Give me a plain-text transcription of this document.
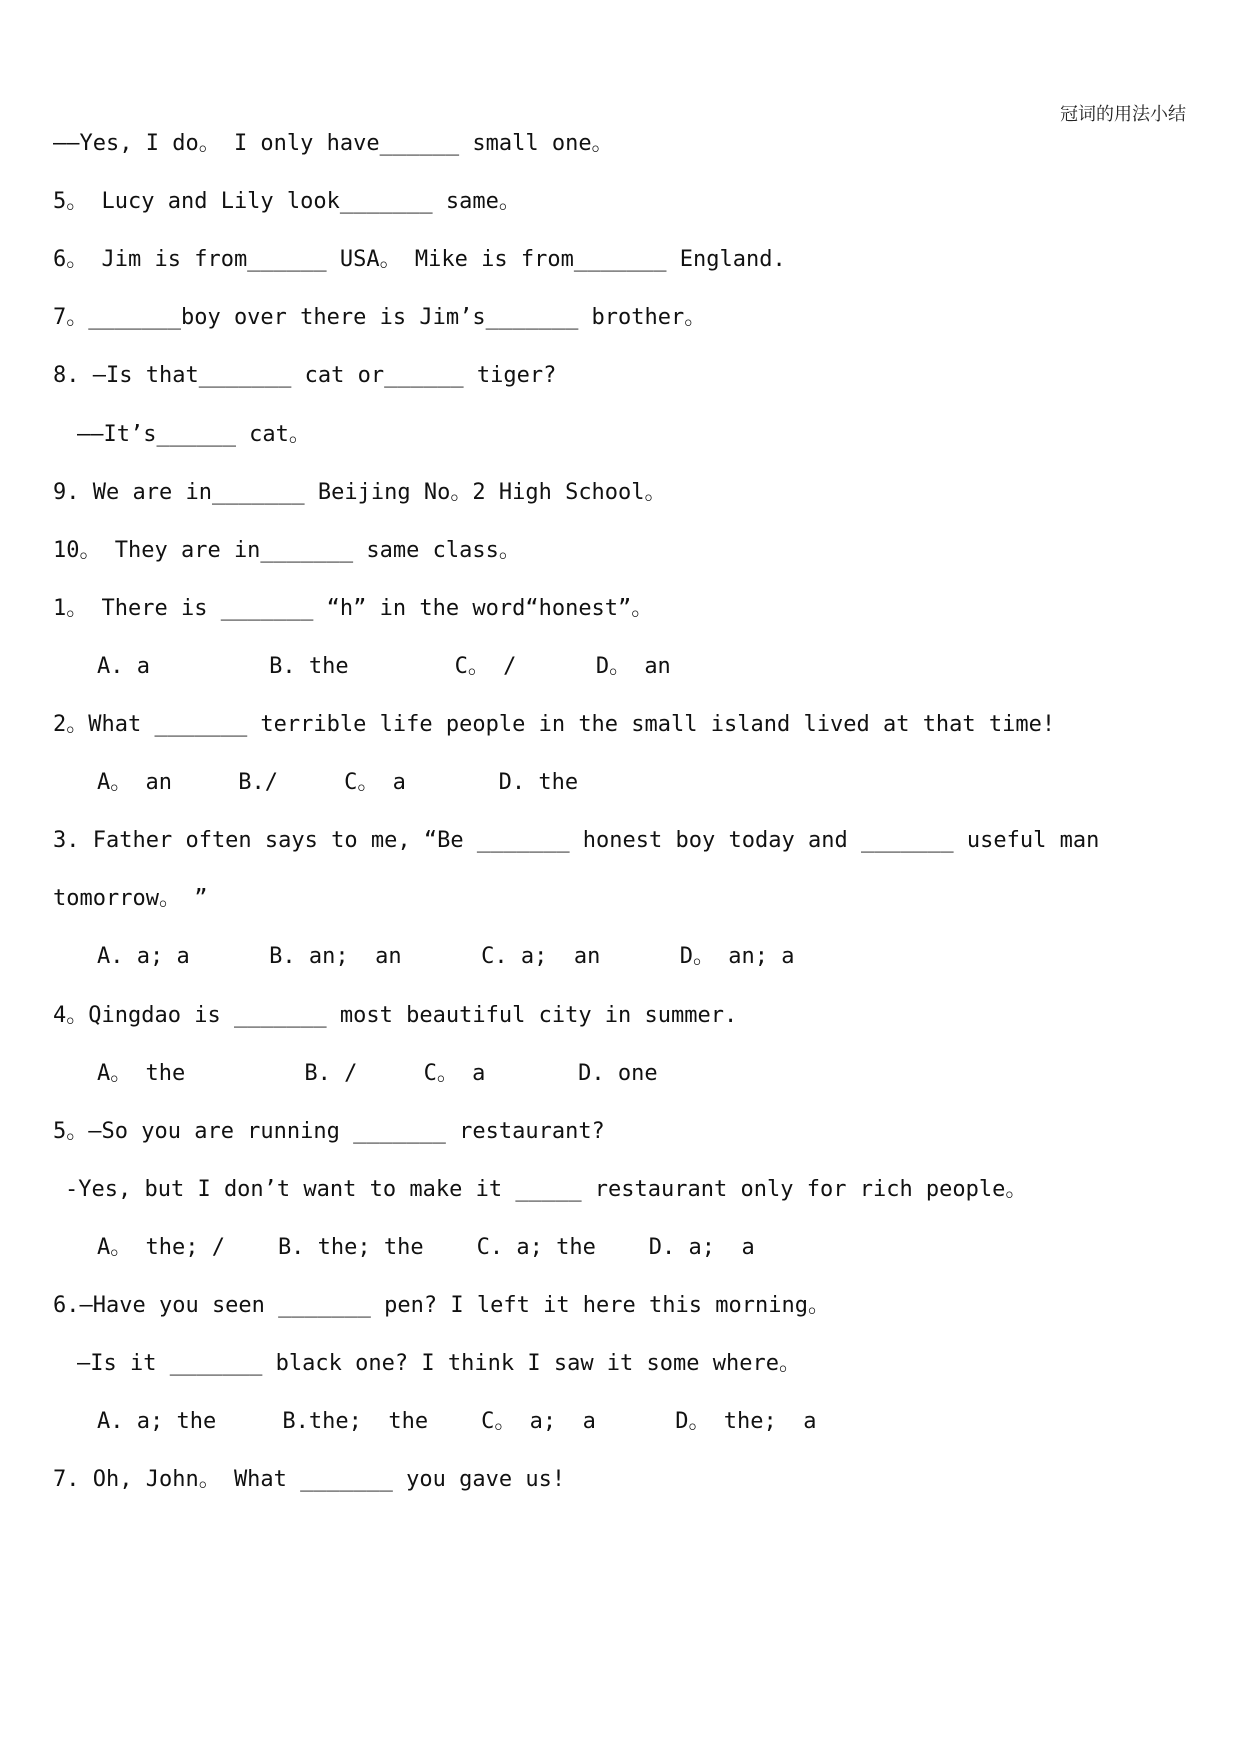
冠词的用法小结
——Yes, I do。 I only have______ small one。
5。 Lucy and Lily look_______ same。
6。 Jim is from______ USA。 Mike is from_______ England.
7。_______boy over there is Jim’s_______ brother。
8. —Is that_______ cat or______ tiger?
——It’s______ cat。
9. We are in_______ Beijing No。2 High School。
10。 They are in_______ same class。
1。 There is _______ “h” in the word“honest”。
A. a         B. the        C。 /      D。 an
2。What _______ terrible life people in the small island lived at that time!
A。 an     B./     C。 a       D. the
3. Father often says to me, “Be _______ honest boy today and _______ useful man
tomorrow。 ”
A. a; a      B. an;  an      C. a;  an      D。 an; a
4。Qingdao is _______ most beautiful city in summer.
A。 the         B. /     C。 a       D. one
5。—So you are running _______ restaurant?
-Yes, but I don’t want to make it _____ restaurant only for rich people。
A。 the; /    B. the; the    C. a; the    D. a;  a
6.—Have you seen _______ pen? I left it here this morning。
—Is it _______ black one? I think I saw it some where。
A. a; the     B.the;  the    C。 a;  a      D。 the;  a
7. Oh, John。 What _______ you gave us!
